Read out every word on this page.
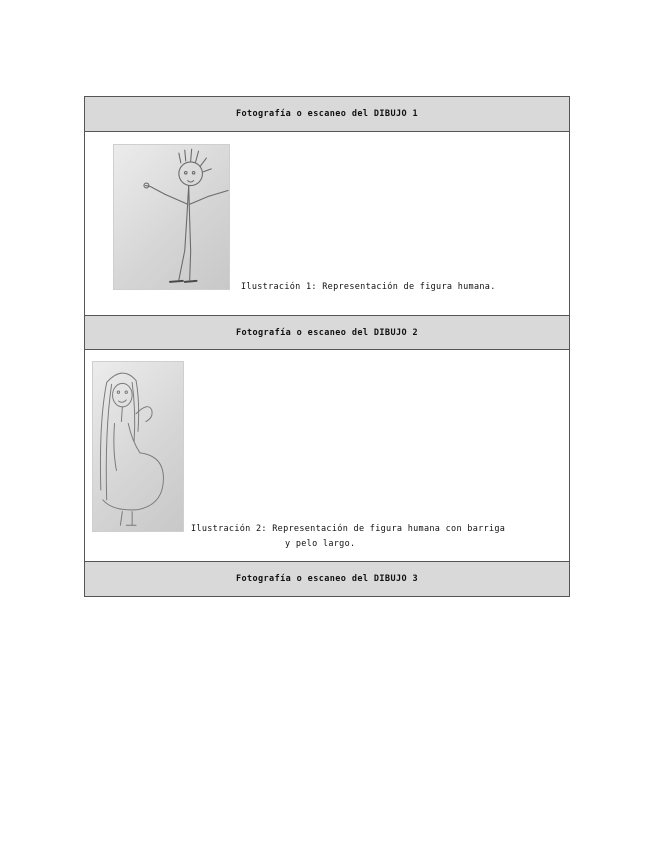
Fotografía o escaneo del DIBUJO 1
Ilustración 1: Representación de figura humana.
Fotografía o escaneo del DIBUJO 2
Ilustración 2: Representación de figura humana con barriga
y pelo largo.
Fotografía o escaneo del DIBUJO 3
